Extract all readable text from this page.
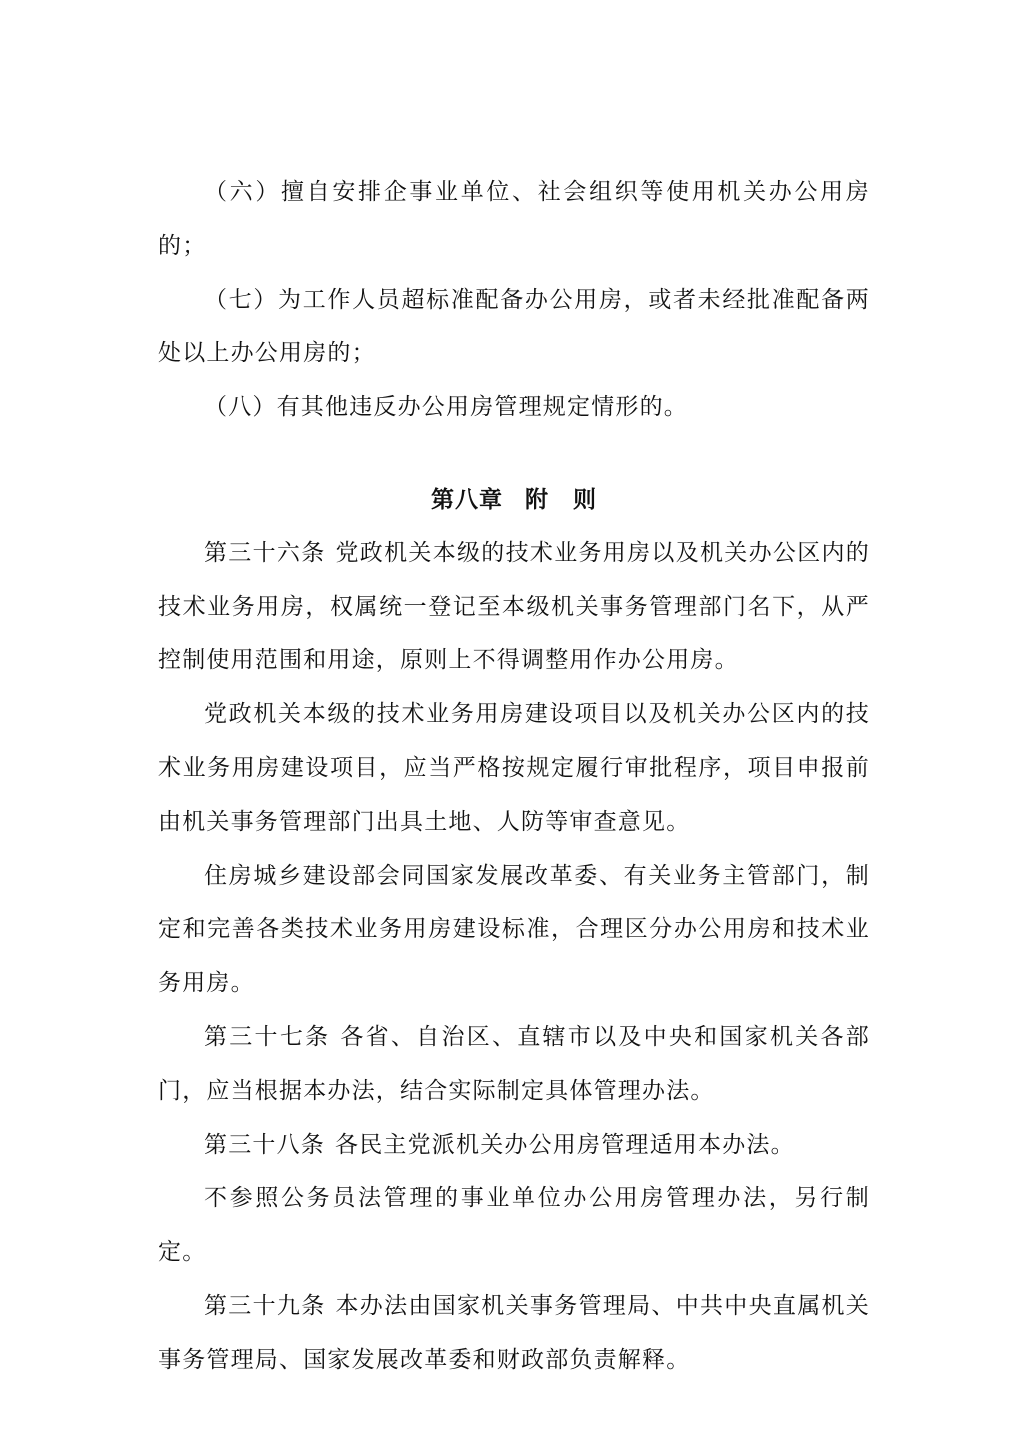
（六）擅自安排企事业单位、社会组织等使用机关办公用房的；

（七）为工作人员超标准配备办公用房，或者未经批准配备两处以上办公用房的；

（八）有其他违反办公用房管理规定情形的。

第八章 附 则

第三十六条 党政机关本级的技术业务用房以及机关办公区内的技术业务用房，权属统一登记至本级机关事务管理部门名下，从严控制使用范围和用途，原则上不得调整用作办公用房。

党政机关本级的技术业务用房建设项目以及机关办公区内的技术业务用房建设项目，应当严格按规定履行审批程序，项目申报前由机关事务管理部门出具土地、人防等审查意见。

住房城乡建设部会同国家发展改革委、有关业务主管部门，制定和完善各类技术业务用房建设标准，合理区分办公用房和技术业务用房。

第三十七条 各省、自治区、直辖市以及中央和国家机关各部门，应当根据本办法，结合实际制定具体管理办法。

第三十八条 各民主党派机关办公用房管理适用本办法。

不参照公务员法管理的事业单位办公用房管理办法，另行制定。

第三十九条 本办法由国家机关事务管理局、中共中央直属机关事务管理局、国家发展改革委和财政部负责解释。
